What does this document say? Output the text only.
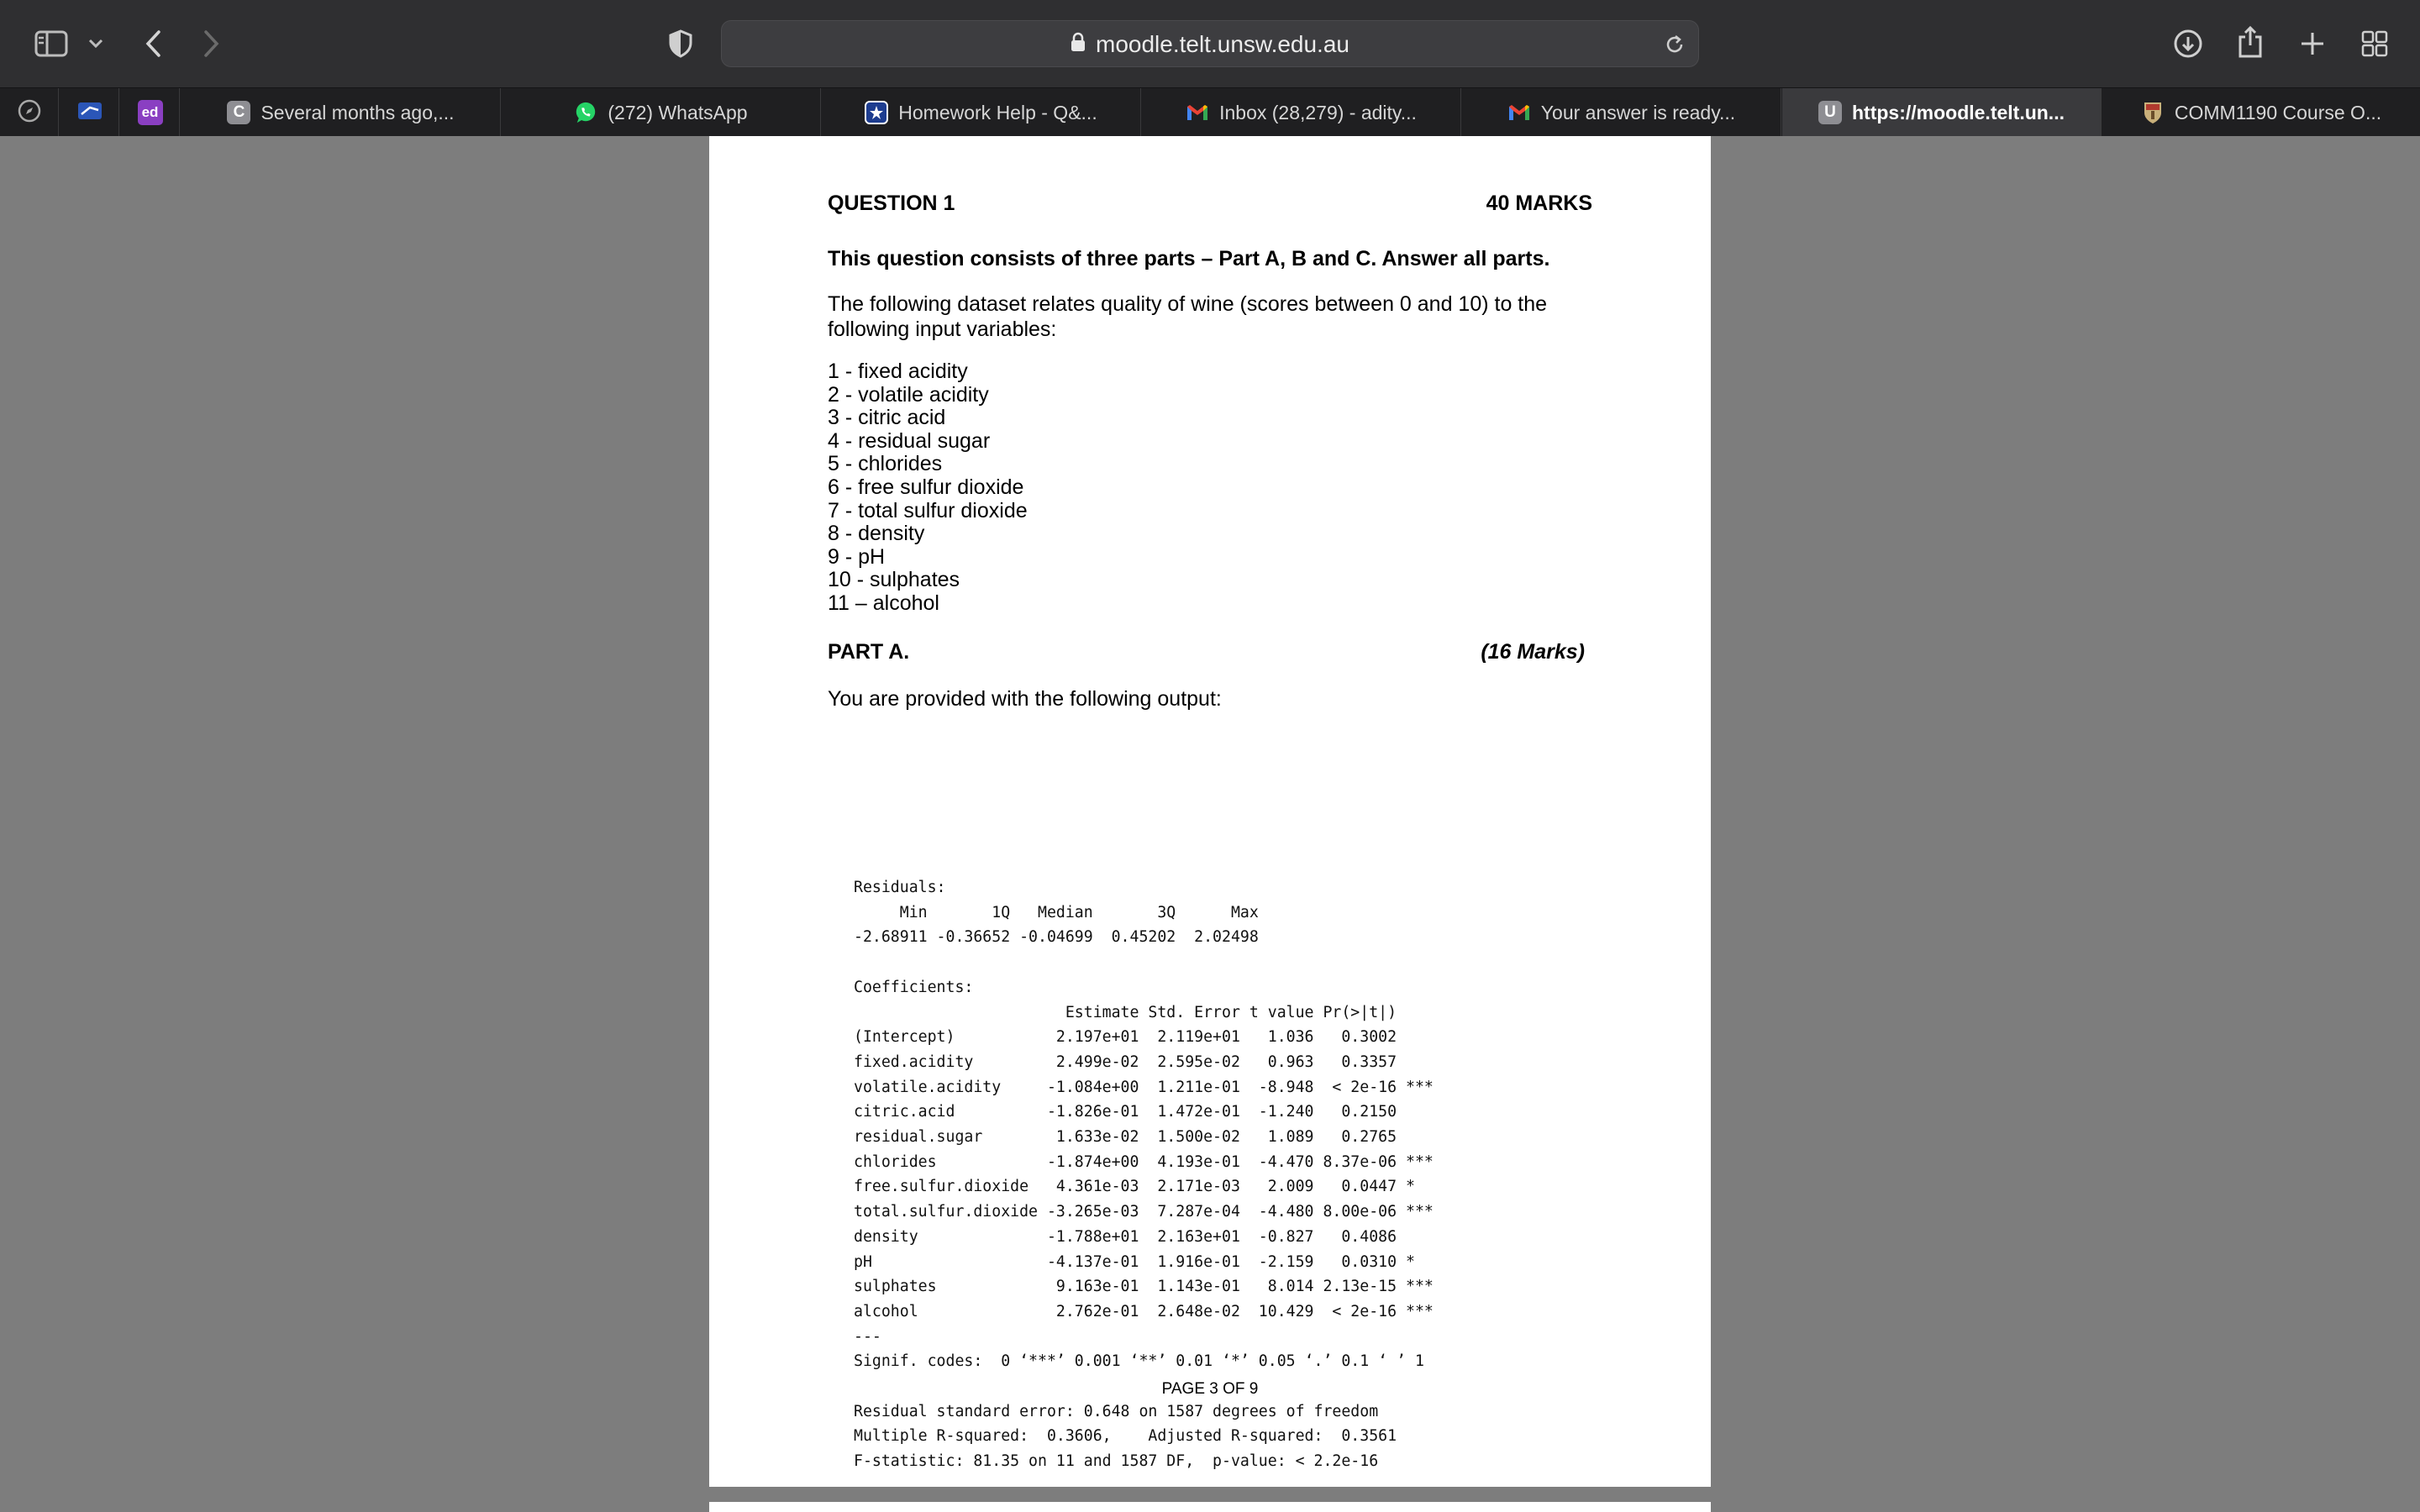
moodle.telt.unsw.edu.au
ed	C Several months ago,...	(272) WhatsApp	Homework Help - Q&...	Inbox (28,279) - adity...	Your answer is ready...	U https://moodle.telt.un...	COMM1190 Course O...
QUESTION 1	40 MARKS
This question consists of three parts – Part A, B and C. Answer all parts.
The following dataset relates quality of wine (scores between 0 and 10) to the following input variables:
1 - fixed acidity
2 - volatile acidity
3 - citric acid
4 - residual sugar
5 - chlorides
6 - free sulfur dioxide
7 - total sulfur dioxide
8 - density
9 - pH
10 - sulphates
11 – alcohol
PART A.	(16 Marks)
You are provided with the following output:
Residuals:
Min       1Q   Median       3Q      Max
-2.68911 -0.36652 -0.04699  0.45202  2.02498
Coefficients:
Estimate Std. Error t value Pr(>|t|)
(Intercept)           2.197e+01  2.119e+01   1.036   0.3002
fixed.acidity         2.499e-02  2.595e-02   0.963   0.3357
volatile.acidity     -1.084e+00  1.211e-01  -8.948  < 2e-16 ***
citric.acid          -1.826e-01  1.472e-01  -1.240   0.2150
residual.sugar        1.633e-02  1.500e-02   1.089   0.2765
chlorides            -1.874e+00  4.193e-01  -4.470 8.37e-06 ***
free.sulfur.dioxide   4.361e-03  2.171e-03   2.009   0.0447 *
total.sulfur.dioxide -3.265e-03  7.287e-04  -4.480 8.00e-06 ***
density              -1.788e+01  2.163e+01  -0.827   0.4086
pH                   -4.137e-01  1.916e-01  -2.159   0.0310 *
sulphates             9.163e-01  1.143e-01   8.014 2.13e-15 ***
alcohol               2.762e-01  2.648e-02  10.429  < 2e-16 ***
---
Signif. codes:  0 ‘***’ 0.001 ‘**’ 0.01 ‘*’ 0.05 ‘.’ 0.1 ‘ ’ 1
Residual standard error: 0.648 on 1587 degrees of freedom
Multiple R-squared:  0.3606,    Adjusted R-squared:  0.3561
F-statistic: 81.35 on 11 and 1587 DF,  p-value: < 2.2e-16
PAGE 3 OF 9
